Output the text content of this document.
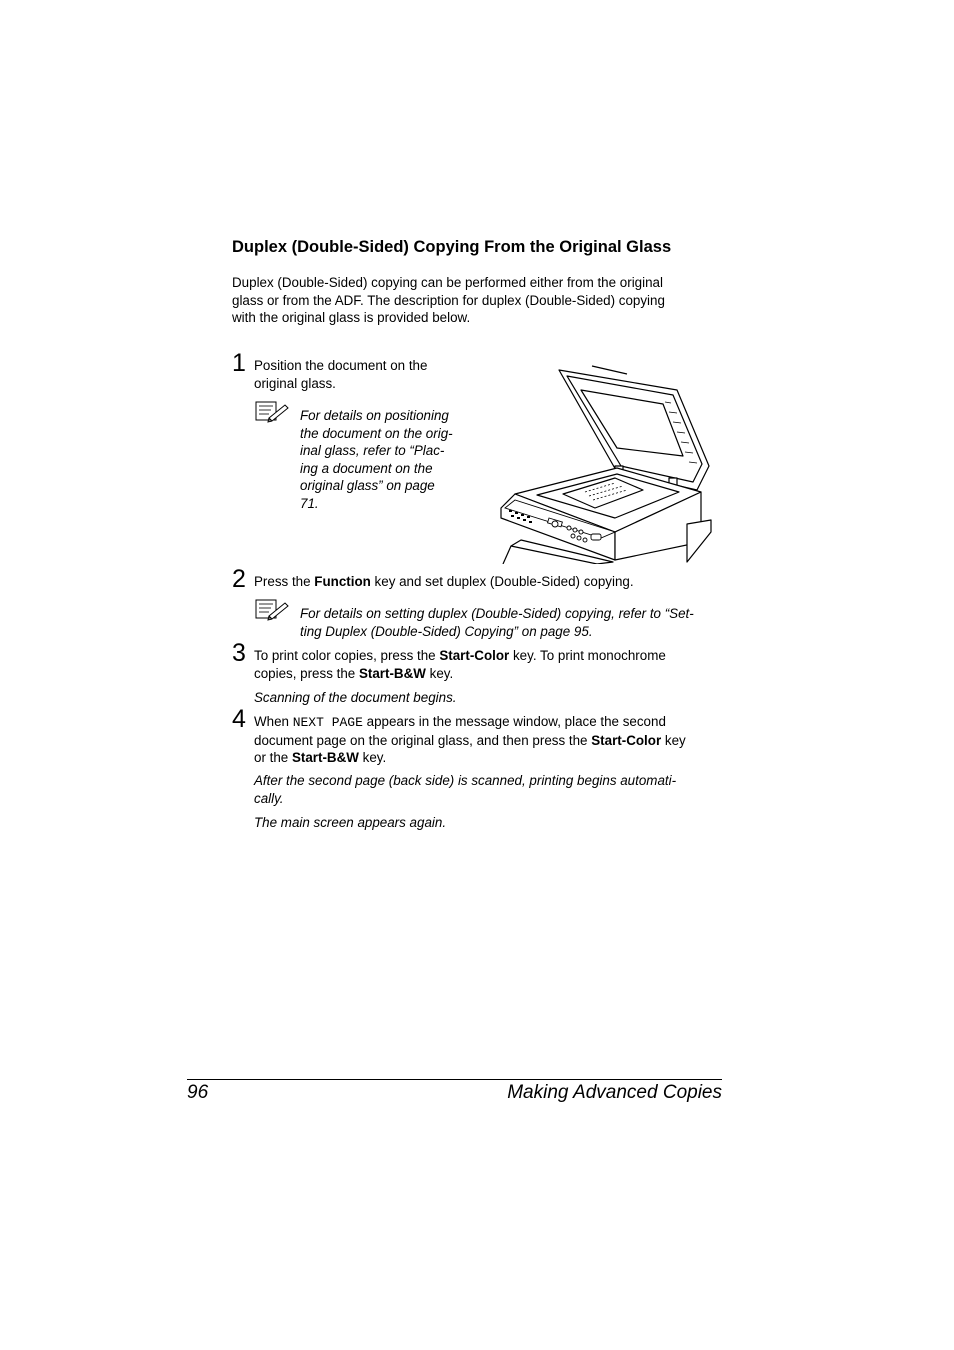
Duplex (Double-Sided) Copying From the Original Glass
Duplex (Double-Sided) copying can be performed either from the original
glass or from the ADF. The description for duplex (Double-Sided) copying
with the original glass is provided below.
1 Position the document on the
original glass.
For details on positioning
the document on the orig-
inal glass, refer to “Plac-
ing a document on the
original glass” on page
71.
2 Press the Function key and set duplex (Double-Sided) copying.
For details on setting duplex (Double-Sided) copying, refer to “Set-
ting Duplex (Double-Sided) Copying” on page 95.
3 To print color copies, press the Start-Color key. To print monochrome
copies, press the Start-B&W key.
Scanning of the document begins.
4 When NEXT PAGE appears in the message window, place the second
document page on the original glass, and then press the Start-Color key
or the Start-B&W key.
After the second page (back side) is scanned, printing begins automati-
cally.
The main screen appears again.
96	Making Advanced Copies
